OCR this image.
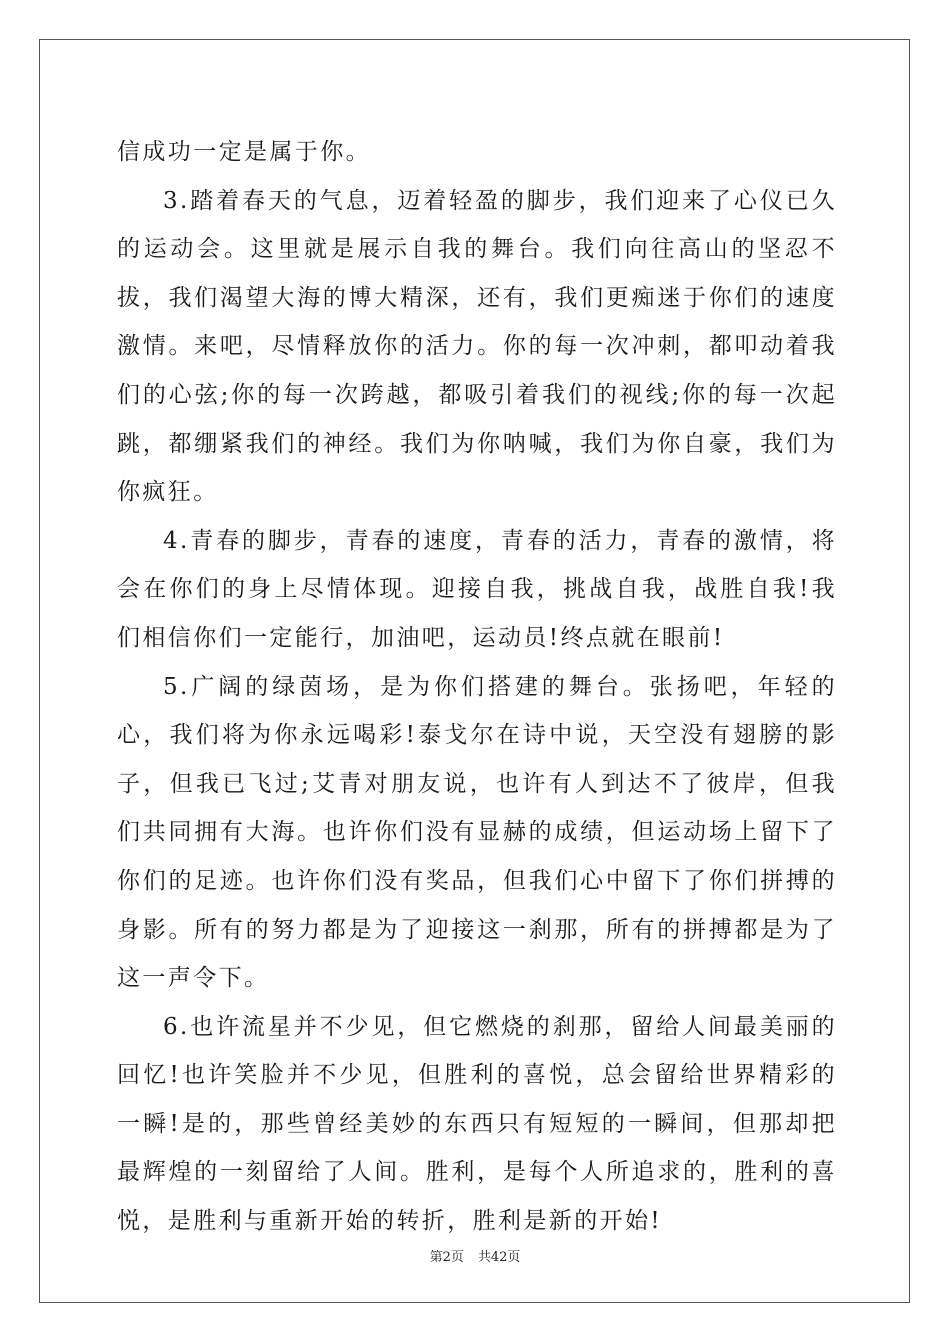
信成功一定是属于你。

3.踏着春天的气息，迈着轻盈的脚步，我们迎来了心仪已久的运动会。这里就是展示自我的舞台。我们向往高山的坚忍不拔，我们渴望大海的博大精深，还有，我们更痴迷于你们的速度激情。来吧，尽情释放你的活力。你的每一次冲刺，都叩动着我们的心弦;你的每一次跨越，都吸引着我们的视线;你的每一次起跳，都绷紧我们的神经。我们为你呐喊，我们为你自豪，我们为你疯狂。

4.青春的脚步，青春的速度，青春的活力，青春的激情，将会在你们的身上尽情体现。迎接自我，挑战自我，战胜自我!我们相信你们一定能行，加油吧，运动员!终点就在眼前!

5.广阔的绿茵场，是为你们搭建的舞台。张扬吧，年轻的心，我们将为你永远喝彩!泰戈尔在诗中说，天空没有翅膀的影子，但我已飞过;艾青对朋友说，也许有人到达不了彼岸，但我们共同拥有大海。也许你们没有显赫的成绩，但运动场上留下了你们的足迹。也许你们没有奖品，但我们心中留下了你们拼搏的身影。所有的努力都是为了迎接这一刹那，所有的拼搏都是为了这一声令下。

6.也许流星并不少见，但它燃烧的刹那，留给人间最美丽的回忆!也许笑脸并不少见，但胜利的喜悦，总会留给世界精彩的一瞬!是的，那些曾经美妙的东西只有短短的一瞬间，但那却把最辉煌的一刻留给了人间。胜利，是每个人所追求的，胜利的喜悦，是胜利与重新开始的转折，胜利是新的开始!

第2页 共42页
